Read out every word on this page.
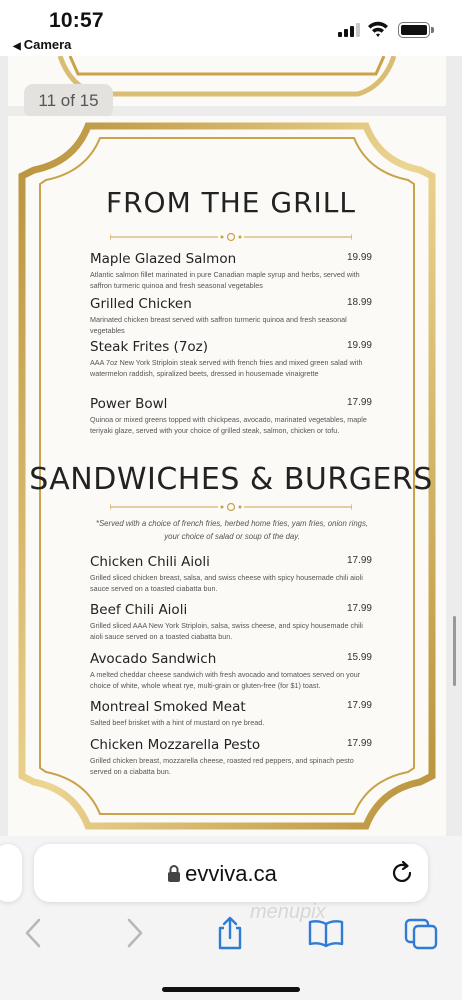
10:57
◀ Camera
11 of 15
FROM THE GRILL
Maple Glazed Salmon	19.99
Atlantic salmon fillet marinated in pure Canadian maple syrup and herbs, served with saffron turmeric quinoa and fresh seasonal vegetables
Grilled Chicken	18.99
Marinated chicken breast served with saffron turmeric quinoa and fresh seasonal vegetables
Steak Frites (7oz)	19.99
AAA 7oz New York Striploin steak served with french fries and mixed green salad with watermelon raddish, spiralized beets, dressed in housemade vinaigrette
Power Bowl	17.99
Quinoa or mixed greens topped with chickpeas, avocado, marinated vegetables, maple teriyaki glaze, served with your choice of grilled steak, salmon, chicken or tofu.
SANDWICHES & BURGERS
*Served with a choice of french fries, herbed home fries, yam fries, onion rings, your choice of salad or soup of the day.
Chicken Chili Aioli	17.99
Grilled sliced chicken breast, salsa, and swiss cheese with spicy housemade chili aioli sauce served on a toasted ciabatta bun.
Beef Chili Aioli	17.99
Grilled sliced AAA New York Striploin, salsa, swiss cheese, and spicy housemade chili aioli sauce served on a toasted ciabatta bun.
Avocado Sandwich	15.99
A melted cheddar cheese sandwich with fresh avocado and tomatoes served on your choice of white, whole wheat rye, multi-grain or gluten-free (for $1) toast.
Montreal Smoked Meat	17.99
Salted beef brisket with a hint of mustard on rye bread.
Chicken Mozzarella Pesto	17.99
Grilled chicken breast, mozzarella cheese, roasted red peppers, and spinach pesto served on a ciabatta bun.
evviva.ca
menupix
